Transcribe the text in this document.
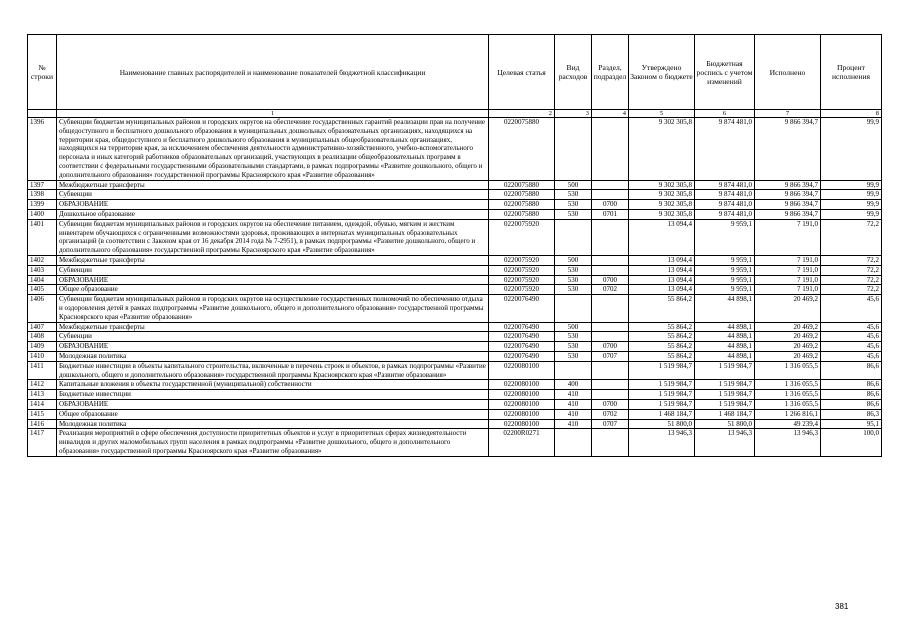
№ строки	Наименование главных распорядителей и наименование показателей бюджетной классификации	Целевая статья	Вид расходов	Раздел, подраздел	Утверждено Законом о бюджете	Бюджетная роспись с учетом изменений	Исполнено	Процент исполнения
	1	2	3	4	5	6	7	8
1396	Субвенции бюджетам муниципальных районов и городских округов на обеспечение государственных гарантий реализации прав на получение общедоступного и бесплатного дошкольного образования в муниципальных дошкольных образовательных организациях, находящихся на территории края, общедоступного и бесплатного дошкольного образования в муниципальных общеобразовательных организациях, находящихся на территории края, за исключением обеспечения деятельности административно-хозяйственного, учебно-вспомогательного персонала и иных категорий работников образовательных организаций, участвующих в реализации общеобразовательных программ в соответствии с федеральными государственными образовательными стандартами, в рамках подпрограммы «Развитие дошкольного, общего и дополнительного образования» государственной программы Красноярского края «Развитие образования»	0220075880			9 302 305,8	9 874 481,0	9 866 394,7	99,9
1397	Межбюджетные трансферты	0220075880	500		9 302 305,8	9 874 481,0	9 866 394,7	99,9
1398	Субвенции	0220075880	530		9 302 305,8	9 874 481,0	9 866 394,7	99,9
1399	ОБРАЗОВАНИЕ	0220075880	530	0700	9 302 305,8	9 874 481,0	9 866 394,7	99,9
1400	Дошкольное образование	0220075880	530	0701	9 302 305,8	9 874 481,0	9 866 394,7	99,9
1401	Субвенции бюджетам муниципальных районов и городских округов на обеспечение питанием, одеждой, обувью, мягким и жестким инвентарем обучающихся с ограниченными возможностями здоровья, проживающих в интернатах муниципальных образовательных организаций (в соответствии с Законом края от 16 декабря 2014 года № 7-2951), в рамках подпрограммы «Развитие дошкольного, общего и дополнительного образования» государственной программы Красноярского края «Развитие образования»	0220075920			13 094,4	9 959,1	7 191,0	72,2
1402	Межбюджетные трансферты	0220075920	500		13 094,4	9 959,1	7 191,0	72,2
1403	Субвенции	0220075920	530		13 094,4	9 959,1	7 191,0	72,2
1404	ОБРАЗОВАНИЕ	0220075920	530	0700	13 094,4	9 959,1	7 191,0	72,2
1405	Общее образование	0220075920	530	0702	13 094,4	9 959,1	7 191,0	72,2
1406	Субвенции бюджетам муниципальных районов и городских округов на осуществление государственных полномочий по обеспечению отдыха и оздоровления детей в рамках подпрограммы «Развитие дошкольного, общего и дополнительного образования» государственной программы Красноярского края «Развитие образования»	0220076490			55 864,2	44 898,1	20 469,2	45,6
1407	Межбюджетные трансферты	0220076490	500		55 864,2	44 898,1	20 469,2	45,6
1408	Субвенции	0220076490	530		55 864,2	44 898,1	20 469,2	45,6
1409	ОБРАЗОВАНИЕ	0220076490	530	0700	55 864,2	44 898,1	20 469,2	45,6
1410	Молодежная политика	0220076490	530	0707	55 864,2	44 898,1	20 469,2	45,6
1411	Бюджетные инвестиции в объекты капитального строительства, включенные в перечень строек и объектов, в рамках подпрограммы «Развитие дошкольного, общего и дополнительного образования» государственной программы Красноярского края «Развитие образования»	0220080100			1 519 984,7	1 519 984,7	1 316 055,5	86,6
1412	Капитальные вложения в объекты государственной (муниципальной) собственности	0220080100	400		1 519 984,7	1 519 984,7	1 316 055,5	86,6
1413	Бюджетные инвестиции	0220080100	410		1 519 984,7	1 519 984,7	1 316 055,5	86,6
1414	ОБРАЗОВАНИЕ	0220080100	410	0700	1 519 984,7	1 519 984,7	1 316 055,5	86,6
1415	Общее образование	0220080100	410	0702	1 468 184,7	1 468 184,7	1 266 816,1	86,3
1416	Молодежная политика	0220080100	410	0707	51 800,0	51 800,0	49 239,4	95,1
1417	Реализация мероприятий в сфере обеспечения доступности приоритетных объектов и услуг в приоритетных сферах жизнедеятельности инвалидов и других маломобильных групп населения в рамках подпрограммы «Развитие дошкольного, общего и дополнительного образования» государственной программы Красноярского края «Развитие образования»	02200R0271			13 946,3	13 946,3	13 946,3	100,0
381
